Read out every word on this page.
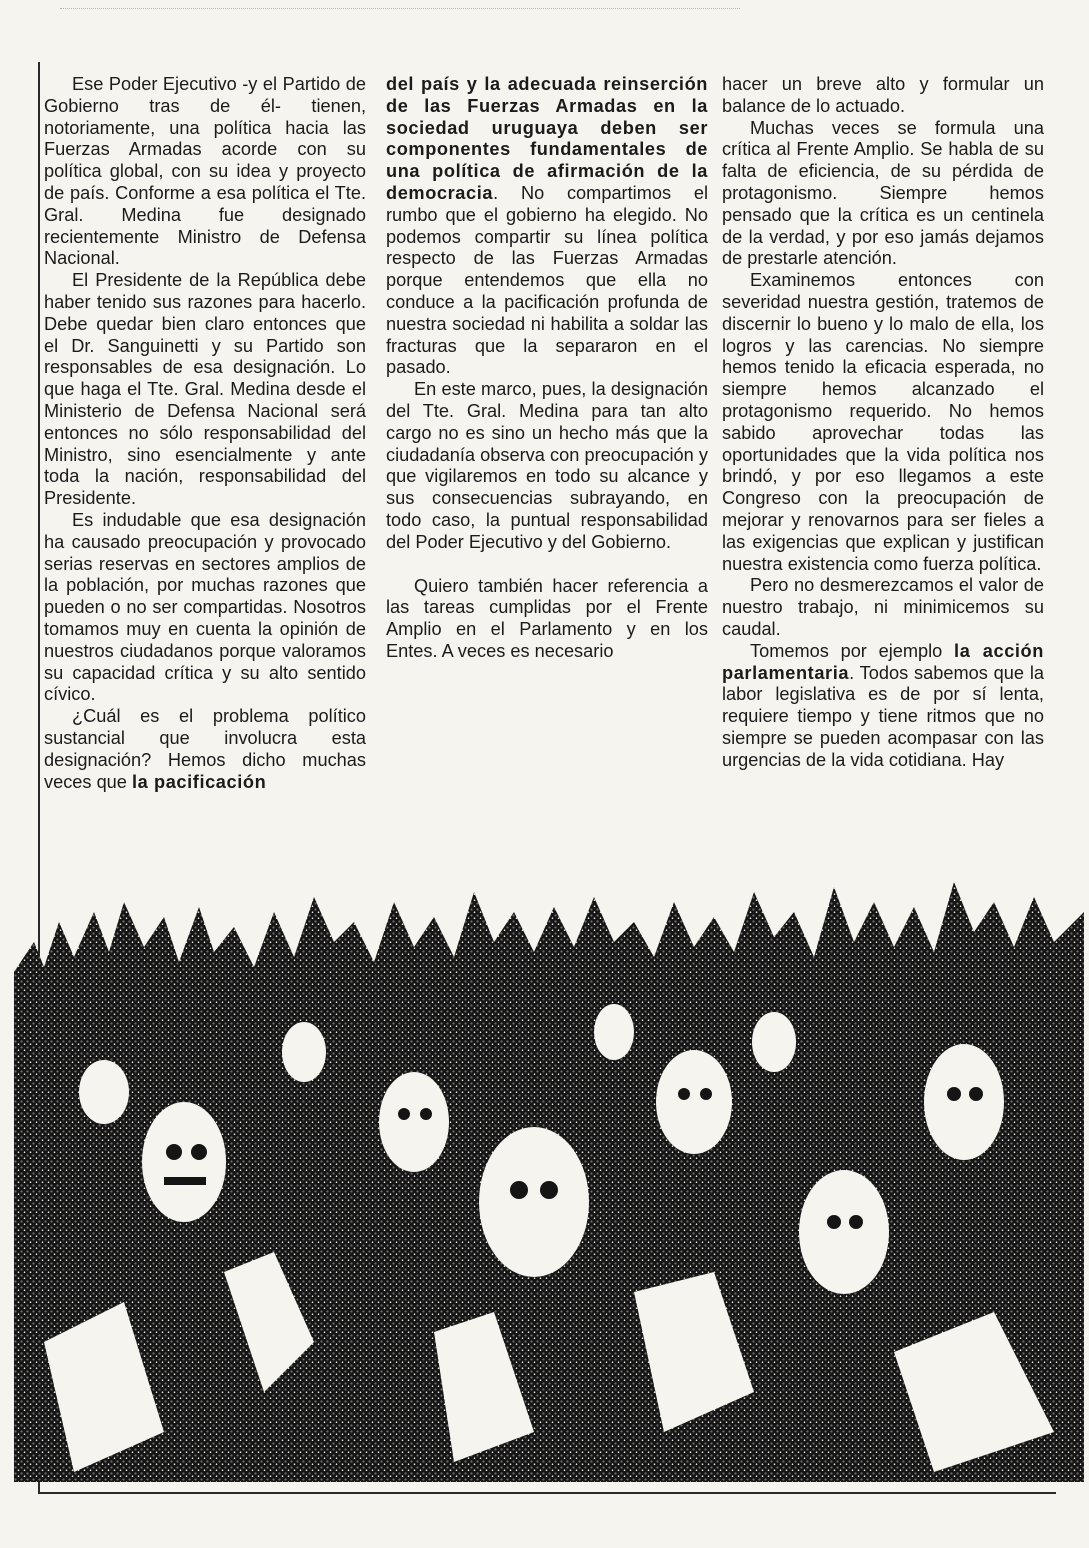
Ese Poder Ejecutivo -y el Partido de Gobierno tras de él- tienen, notoriamente, una política hacia las Fuerzas Armadas acorde con su política global, con su idea y proyecto de país. Conforme a esa política el Tte. Gral. Medina fue designado recientemente Ministro de Defensa Nacional.

El Presidente de la República debe haber tenido sus razones para hacerlo. Debe quedar bien claro entonces que el Dr. Sanguinetti y su Partido son responsables de esa designación. Lo que haga el Tte. Gral. Medina desde el Ministerio de Defensa Nacional será entonces no sólo responsabilidad del Ministro, sino esencialmente y ante toda la nación, responsabilidad del Presidente.

Es indudable que esa designación ha causado preocupación y provocado serias reservas en sectores amplios de la población, por muchas razones que pueden o no ser compartidas. Nosotros tomamos muy en cuenta la opinión de nuestros ciudadanos porque valoramos su capacidad crítica y su alto sentido cívico.

¿Cuál es el problema político sustancial que involucra esta designación? Hemos dicho muchas veces que la pacificación

del país y la adecuada reinserción de las Fuerzas Armadas en la sociedad uruguaya deben ser componentes fundamentales de una política de afirmación de la democracia. No compartimos el rumbo que el gobierno ha elegido. No podemos compartir su línea política respecto de las Fuerzas Armadas porque entendemos que ella no conduce a la pacificación profunda de nuestra sociedad ni habilita a soldar las fracturas que la separaron en el pasado.

En este marco, pues, la designación del Tte. Gral. Medina para tan alto cargo no es sino un hecho más que la ciudadanía observa con preocupación y que vigilaremos en todo su alcance y sus consecuencias subrayando, en todo caso, la puntual responsabilidad del Poder Ejecutivo y del Gobierno.

Quiero también hacer referencia a las tareas cumplidas por el Frente Amplio en el Parlamento y en los Entes. A veces es necesario

hacer un breve alto y formular un balance de lo actuado.

Muchas veces se formula una crítica al Frente Amplio. Se habla de su falta de eficiencia, de su pérdida de protagonismo. Siempre hemos pensado que la crítica es un centinela de la verdad, y por eso jamás dejamos de prestarle atención.

Examinemos entonces con severidad nuestra gestión, tratemos de discernir lo bueno y lo malo de ella, los logros y las carencias. No siempre hemos tenido la eficacia esperada, no siempre hemos alcanzado el protagonismo requerido. No hemos sabido aprovechar todas las oportunidades que la vida política nos brindó, y por eso llegamos a este Congreso con la preocupación de mejorar y renovarnos para ser fieles a las exigencias que explican y justifican nuestra existencia como fuerza política.

Pero no desmerezcamos el valor de nuestro trabajo, ni minimicemos su caudal.

Tomemos por ejemplo la acción parlamentaria. Todos sabemos que la labor legislativa es de por sí lenta, requiere tiempo y tiene ritmos que no siempre se pueden acompasar con las urgencias de la vida cotidiana. Hay
